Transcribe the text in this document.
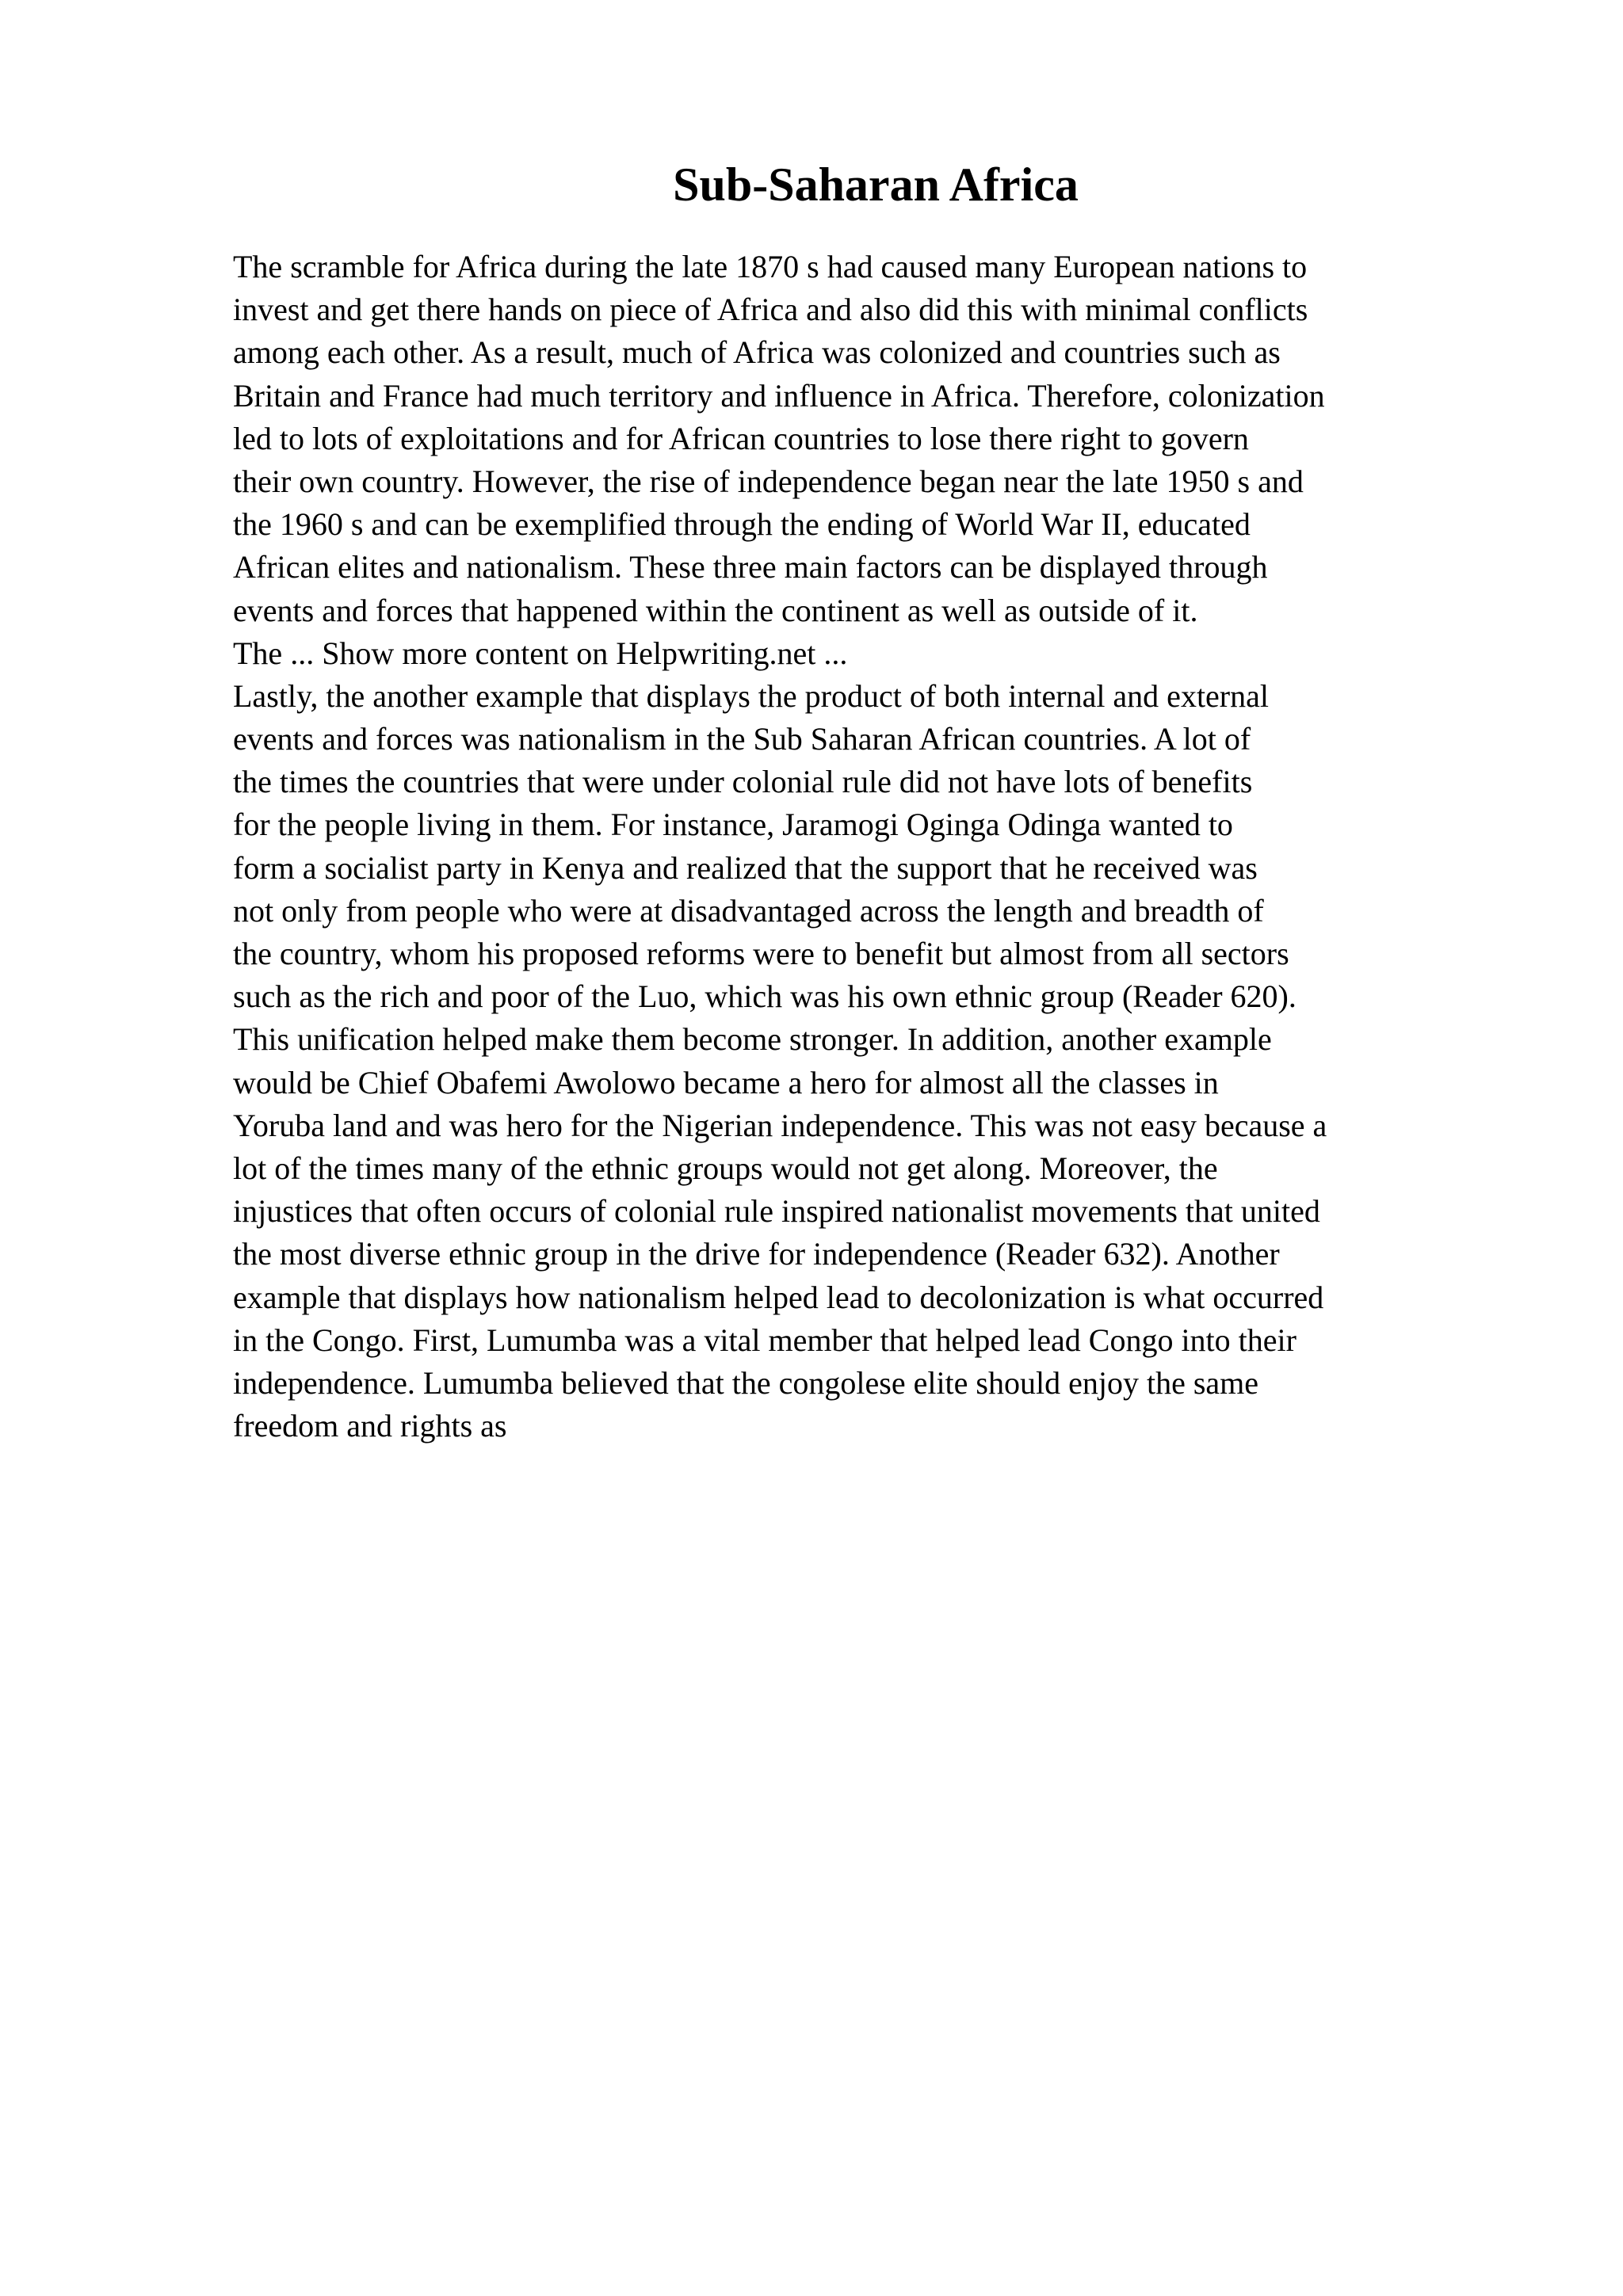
Sub-Saharan Africa
The scramble for Africa during the late 1870 s had caused many European nations to
invest and get there hands on piece of Africa and also did this with minimal conflicts
among each other. As a result, much of Africa was colonized and countries such as
Britain and France had much territory and influence in Africa. Therefore, colonization
led to lots of exploitations and for African countries to lose there right to govern
their own country. However, the rise of independence began near the late 1950 s and
the 1960 s and can be exemplified through the ending of World War II, educated
African elites and nationalism. These three main factors can be displayed through
events and forces that happened within the continent as well as outside of it.
The ... Show more content on Helpwriting.net ...
Lastly, the another example that displays the product of both internal and external
events and forces was nationalism in the Sub Saharan African countries. A lot of
the times the countries that were under colonial rule did not have lots of benefits
for the people living in them. For instance, Jaramogi Oginga Odinga wanted to
form a socialist party in Kenya and realized that the support that he received was
not only from people who were at disadvantaged across the length and breadth of
the country, whom his proposed reforms were to benefit but almost from all sectors
such as the rich and poor of the Luo, which was his own ethnic group (Reader 620).
This unification helped make them become stronger. In addition, another example
would be Chief Obafemi Awolowo became a hero for almost all the classes in
Yoruba land and was hero for the Nigerian independence. This was not easy because a
lot of the times many of the ethnic groups would not get along. Moreover, the
injustices that often occurs of colonial rule inspired nationalist movements that united
the most diverse ethnic group in the drive for independence (Reader 632). Another
example that displays how nationalism helped lead to decolonization is what occurred
in the Congo. First, Lumumba was a vital member that helped lead Congo into their
independence. Lumumba believed that the congolese elite should enjoy the same
freedom and rights as
